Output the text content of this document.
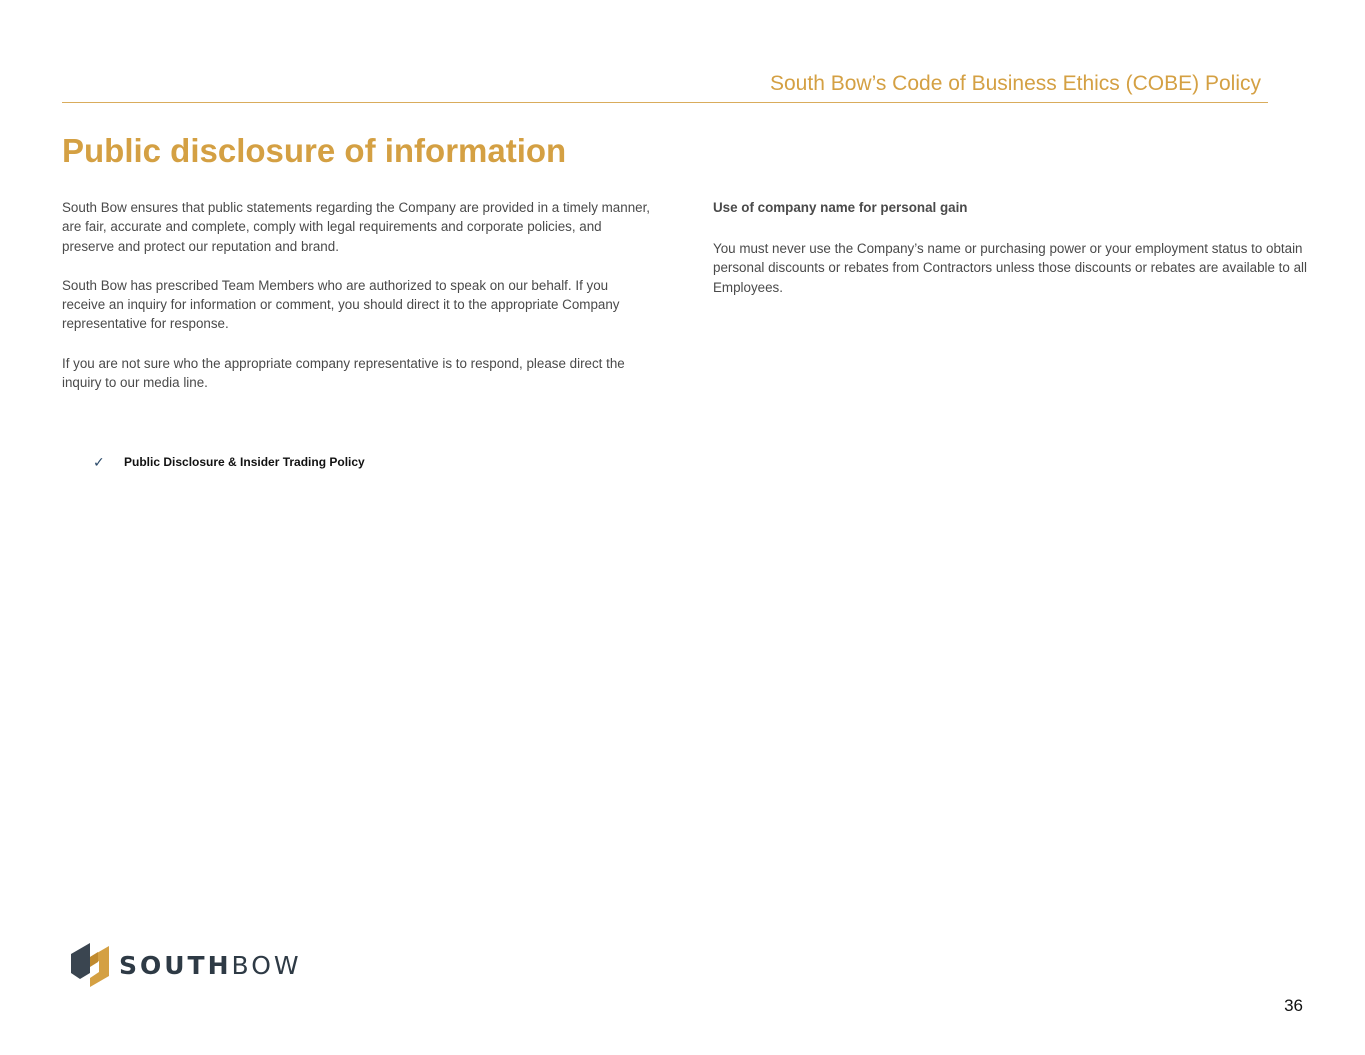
South Bow’s Code of Business Ethics (COBE) Policy
Public disclosure of information

South Bow ensures that public statements regarding the Company are provided in a timely manner, are fair, accurate and complete, comply with legal requirements and corporate policies, and preserve and protect our reputation and brand.

South Bow has prescribed Team Members who are authorized to speak on our behalf. If you receive an inquiry for information or comment, you should direct it to the appropriate Company representative for response.

If you are not sure who the appropriate company representative is to respond, please direct the inquiry to our media line.

✓	Public Disclosure & Insider Trading Policy

Use of company name for personal gain

You must never use the Company’s name or purchasing power or your employment status to obtain personal discounts or rebates from Contractors unless those discounts or rebates are available to all Employees.

SOUTHBOW
36
